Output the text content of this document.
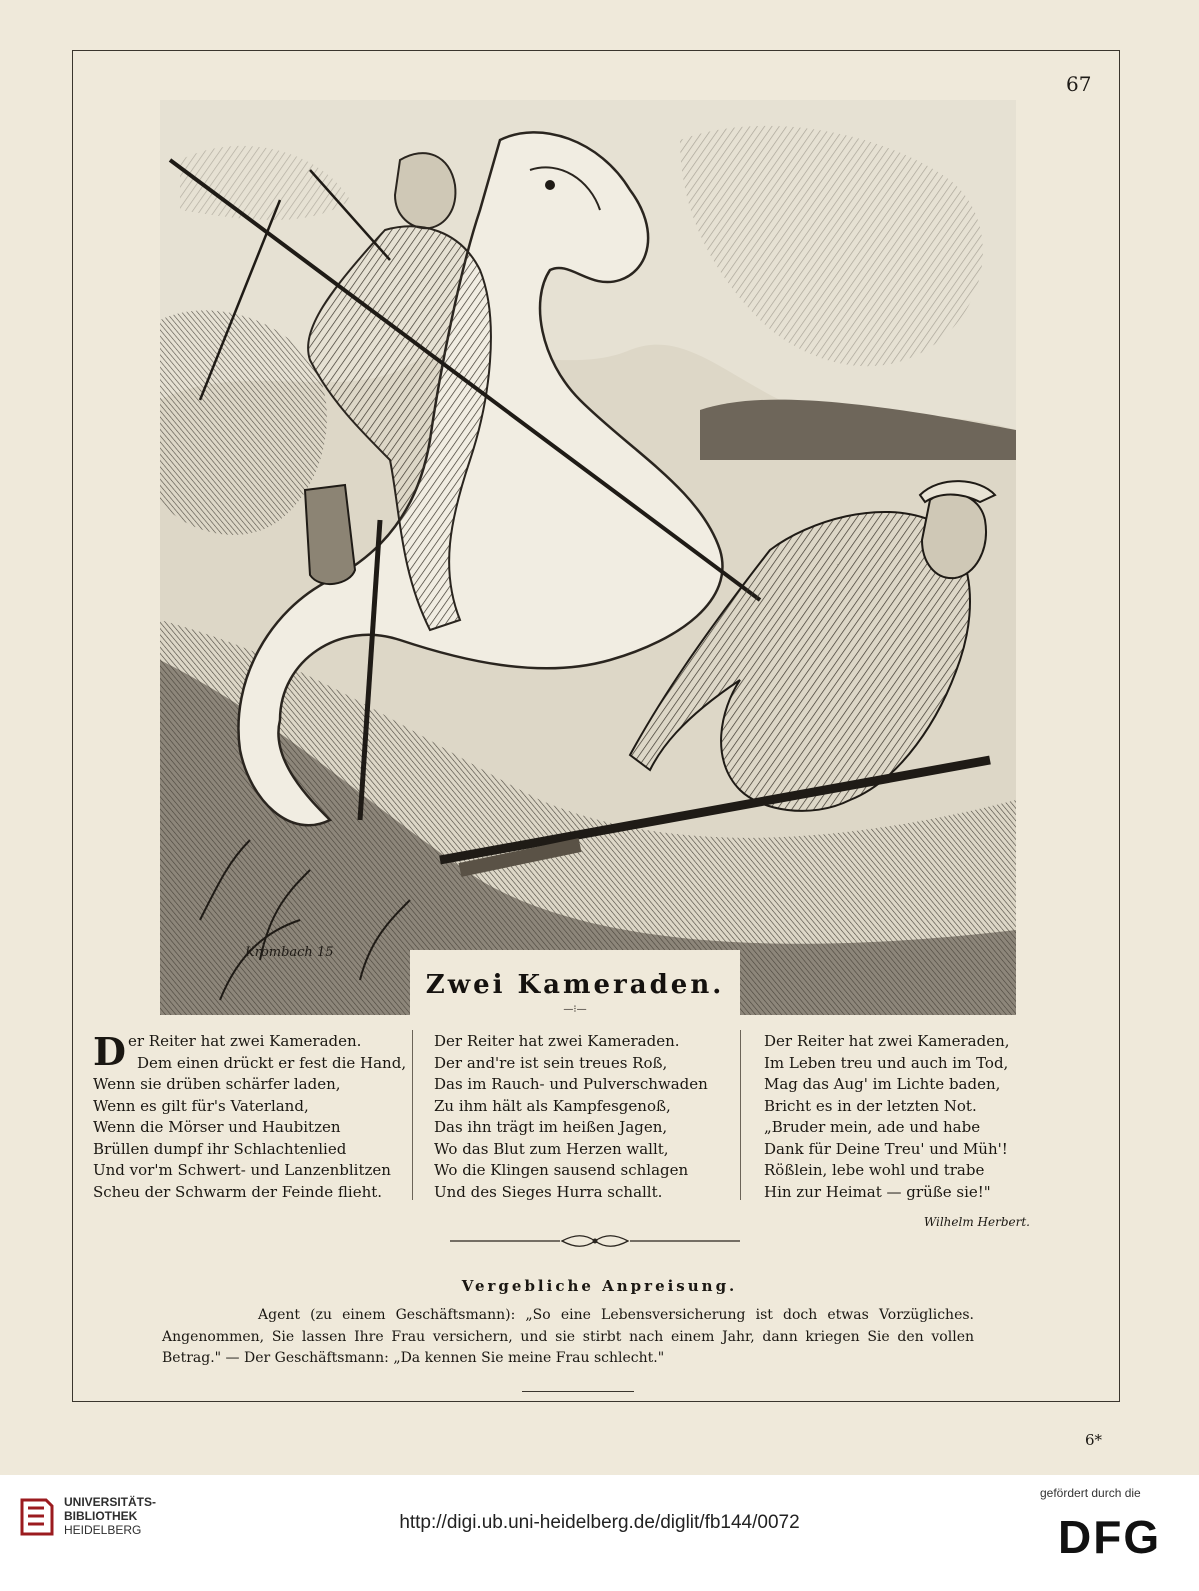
67
Krombach 15
Zwei Kameraden.
—⁝—
D er Reiter hat zwei Kameraden.
Dem einen drückt er fest die Hand,
Wenn sie drüben schärfer laden,
Wenn es gilt für's Vaterland,
Wenn die Mörser und Haubitzen
Brüllen dumpf ihr Schlachtenlied
Und vor'm Schwert- und Lanzenblitzen
Scheu der Schwarm der Feinde flieht.
Der Reiter hat zwei Kameraden.
Der and're ist sein treues Roß,
Das im Rauch- und Pulverschwaden
Zu ihm hält als Kampfesgenoß,
Das ihn trägt im heißen Jagen,
Wo das Blut zum Herzen wallt,
Wo die Klingen sausend schlagen
Und des Sieges Hurra schallt.
Der Reiter hat zwei Kameraden,
Im Leben treu und auch im Tod,
Mag das Aug' im Lichte baden,
Bricht es in der letzten Not.
„Bruder mein, ade und habe
Dank für Deine Treu' und Müh'!
Rößlein, lebe wohl und trabe
Hin zur Heimat — grüße sie!"
Wilhelm Herbert.
Vergebliche Anpreisung.
Agent (zu einem Geschäftsmann): „So eine Lebensversicherung ist doch etwas Vorzügliches. Angenommen, Sie lassen Ihre Frau versichern, und sie stirbt nach einem Jahr, dann kriegen Sie den vollen Betrag." — Der Geschäftsmann: „Da kennen Sie meine Frau schlecht."
6*
UNIVERSITÄTS-
BIBLIOTHEK
HEIDELBERG	http://digi.ub.uni-heidelberg.de/diglit/fb144/0072
gefördert durch die
DFG
